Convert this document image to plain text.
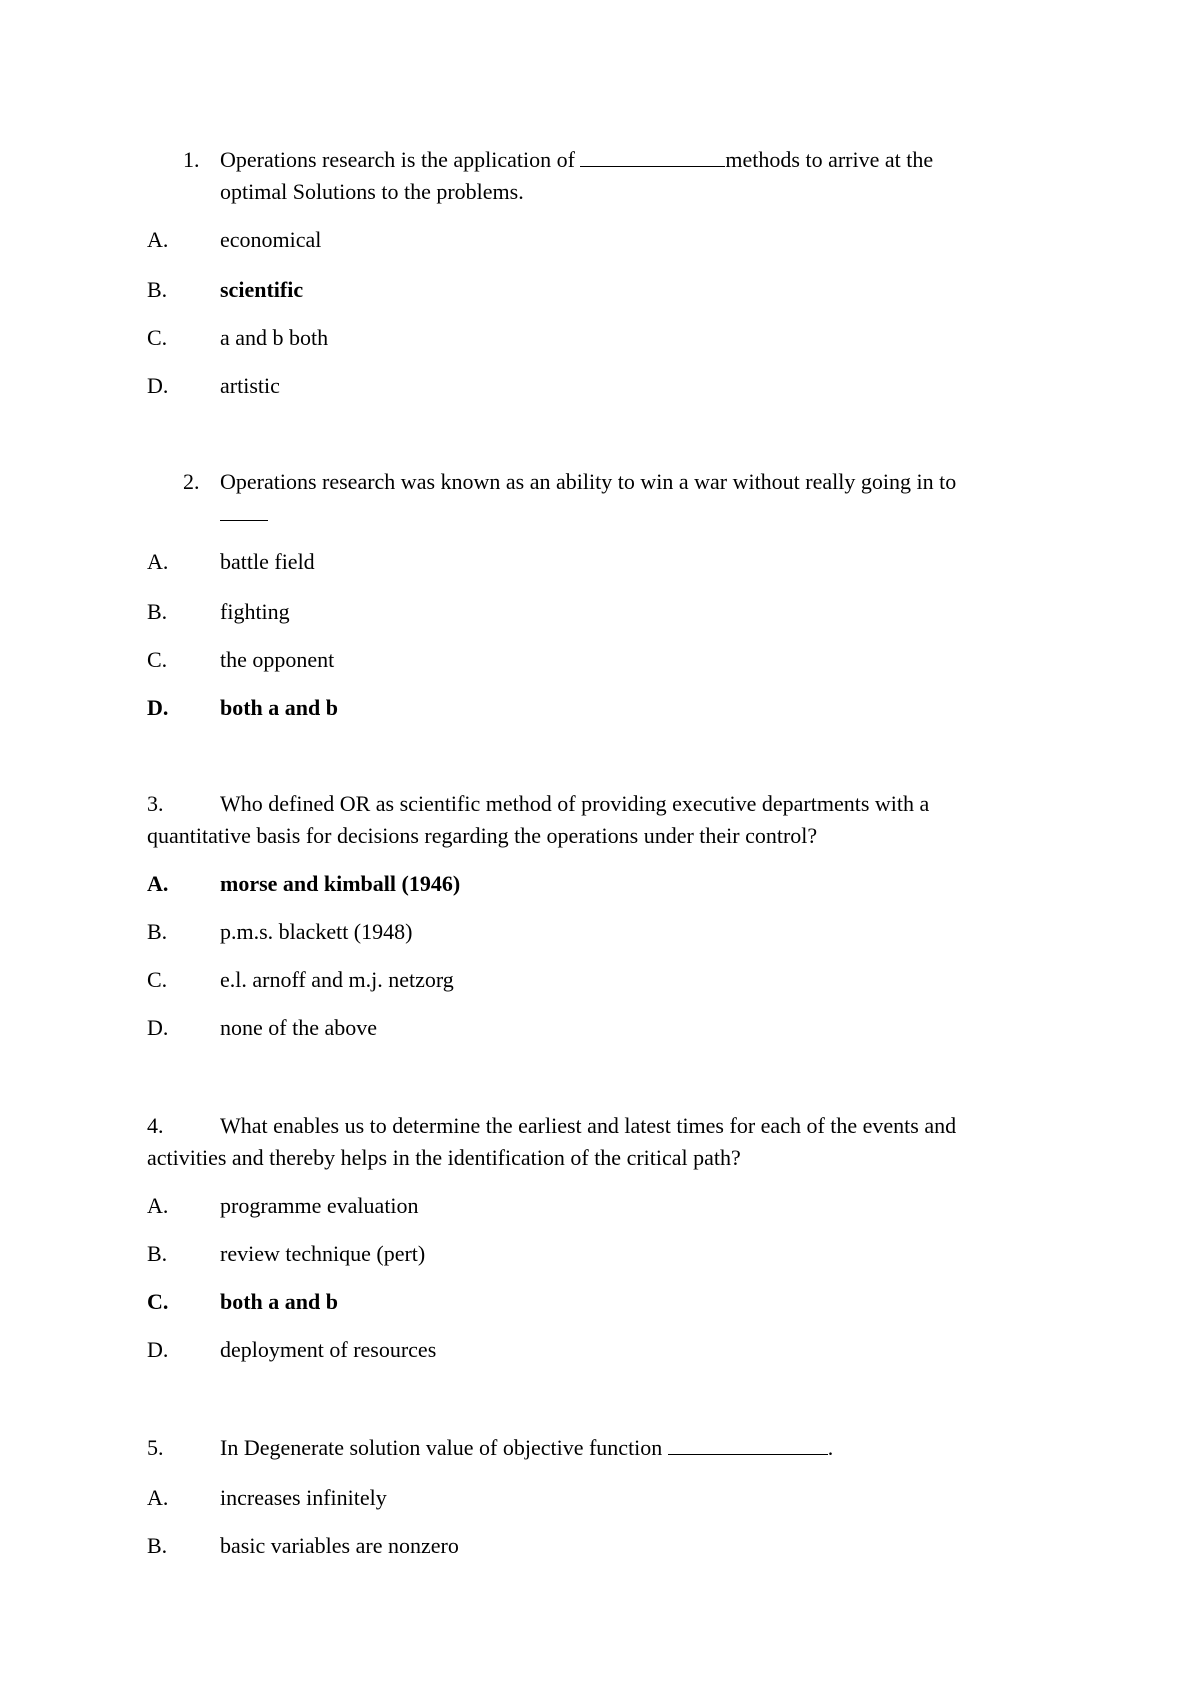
1. Operations research is the application of	methods to arrive at the
optimal Solutions to the problems.
A. economical
B. scientific
C. a and b both
D. artistic
2. Operations research was known as an ability to win a war without really going in to
A. battle field
B. fighting
C. the opponent
D. both a and b
3.	Who defined OR as scientific method of providing executive departments with a
quantitative basis for decisions regarding the operations under their control?
A. morse and kimball (1946)
B. p.m.s. blackett (1948)
C. e.l. arnoff and m.j. netzorg
D. none of the above
4.	What enables us to determine the earliest and latest times for each of the events and
activities and thereby helps in the identification of the critical path?
A. programme evaluation
B. review technique (pert)
C. both a and b
D. deployment of resources
5.	In Degenerate solution value of objective function	.
A. increases infinitely
B. basic variables are nonzero
